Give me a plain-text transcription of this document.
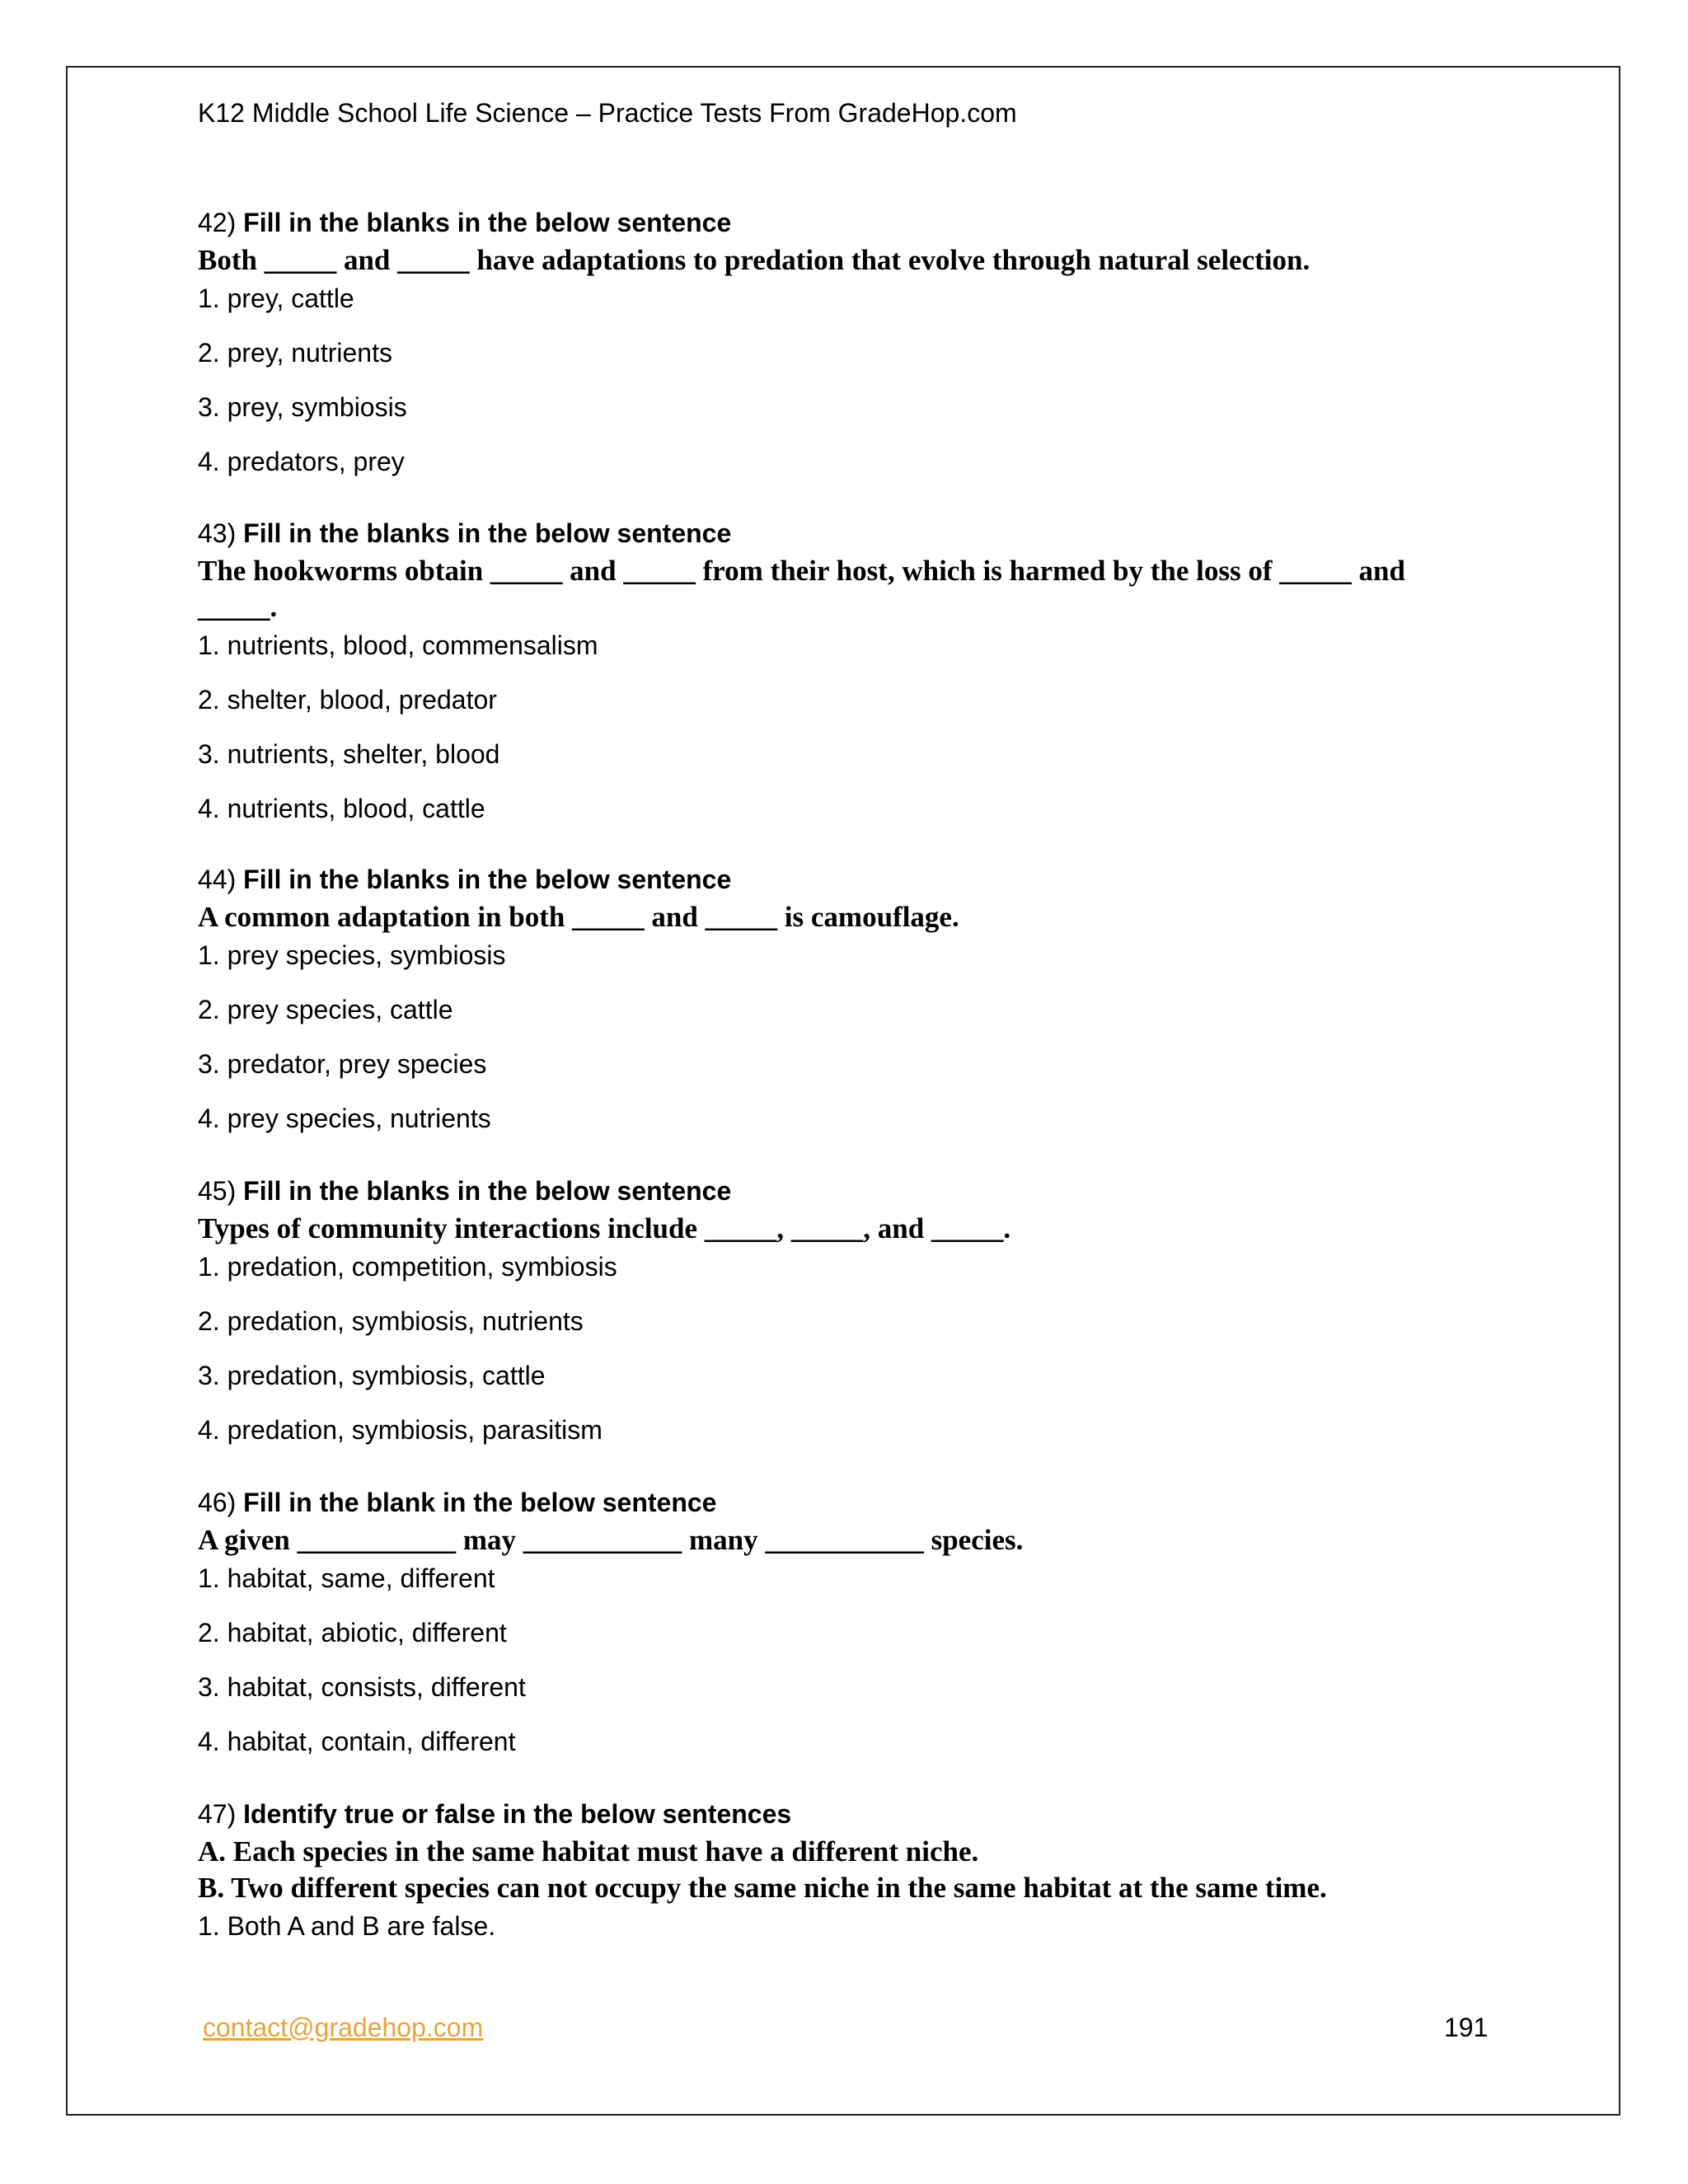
K12 Middle School Life Science – Practice Tests From GradeHop.com
42) Fill in the blanks in the below sentence
Both _____ and _____ have adaptations to predation that evolve through natural selection.
1. prey, cattle
2. prey, nutrients
3. prey, symbiosis
4. predators, prey
43) Fill in the blanks in the below sentence
The hookworms obtain _____ and _____ from their host, which is harmed by the loss of _____ and _____.
1. nutrients, blood, commensalism
2. shelter, blood, predator
3. nutrients, shelter, blood
4. nutrients, blood, cattle
44) Fill in the blanks in the below sentence
A common adaptation in both _____ and _____ is camouflage.
1. prey species, symbiosis
2. prey species, cattle
3. predator, prey species
4. prey species, nutrients
45) Fill in the blanks in the below sentence
Types of community interactions include _____, _____, and _____.
1. predation, competition, symbiosis
2. predation, symbiosis, nutrients
3. predation, symbiosis, cattle
4. predation, symbiosis, parasitism
46) Fill in the blank in the below sentence
A given ___________ may ___________ many ___________ species.
1. habitat, same, different
2. habitat, abiotic, different
3. habitat, consists, different
4. habitat, contain, different
47) Identify true or false in the below sentences
A. Each species in the same habitat must have a different niche.
B. Two different species can not occupy the same niche in the same habitat at the same time.
1. Both A and B are false.
contact@gradehop.com	191
